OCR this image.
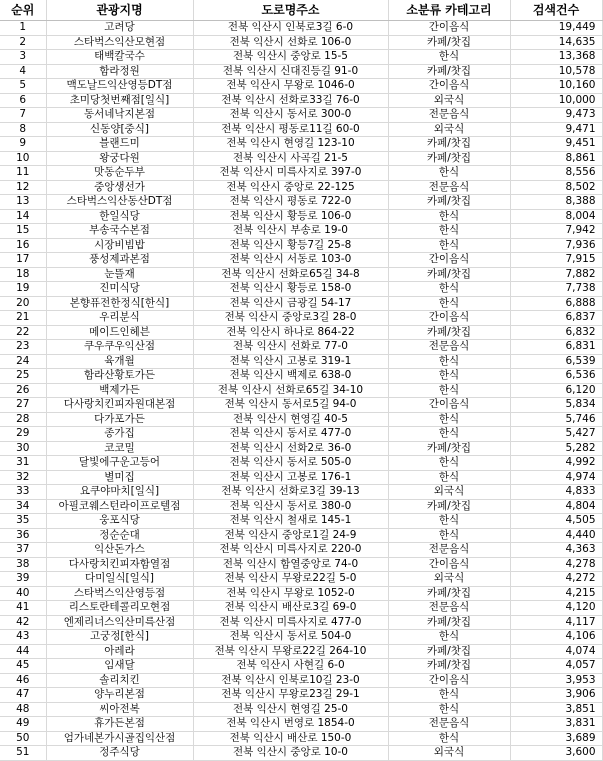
순위	관광지명	도로명주소	소분류 카테고리	검색건수
1	고려당	전북 익산시 인북로3길 6-0	간이음식	19,449
2	스타벅스익산모현점	전북 익산시 선화로 106-0	카페/찻집	14,635
3	태백칼국수	전북 익산시 중앙로 15-5	한식	13,368
4	함라정원	전북 익산시 신대진등길 91-0	카페/찻집	10,578
5	맥도날드익산영등DT점	전북 익산시 무왕로 1046-0	간이음식	10,160
6	초미당첫번째점[일식]	전북 익산시 선화로33길 76-0	외국식	10,000
7	동서네낙지본점	전북 익산시 동서로 300-0	전문음식	9,473
8	신동양[중식]	전북 익산시 평동로11길 60-0	외국식	9,471
9	블랜드미	전북 익산시 현영길 123-10	카페/찻집	9,451
10	왕궁다원	전북 익산시 사곡길 21-5	카페/찻집	8,861
11	맛동순두부	전북 익산시 미륵사지로 397-0	한식	8,556
12	중앙생선가	전북 익산시 중앙로 22-125	전문음식	8,502
13	스타벅스익산동산DT점	전북 익산시 평동로 722-0	카페/찻집	8,388
14	한일식당	전북 익산시 황등로 106-0	한식	8,004
15	부송국수본점	전북 익산시 부송로 19-0	한식	7,942
16	시장비빔밥	전북 익산시 황등7길 25-8	한식	7,936
17	풍성제과본점	전북 익산시 서동로 103-0	간이음식	7,915
18	눈뜰재	전북 익산시 선화로65길 34-8	카페/찻집	7,882
19	진미식당	전북 익산시 황등로 158-0	한식	7,738
20	본향퓨전한정식[한식]	전북 익산시 금광길 54-17	한식	6,888
21	우리분식	전북 익산시 중앙로3길 28-0	간이음식	6,837
22	메이드인헤븐	전북 익산시 하나로 864-22	카페/찻집	6,832
23	쿠우쿠우익산점	전북 익산시 선화로 77-0	전문음식	6,831
24	육개월	전북 익산시 고봉로 319-1	한식	6,539
25	함라산황토가든	전북 익산시 백제로 638-0	한식	6,536
26	백제가든	전북 익산시 선화로65길 34-10	한식	6,120
27	다사랑치킨피자원대본점	전북 익산시 동서로5길 94-0	간이음식	5,834
28	다가포가든	전북 익산시 현영길 40-5	한식	5,746
29	종가집	전북 익산시 동서로 477-0	한식	5,427
30	코코밀	전북 익산시 선화2로 36-0	카페/찻집	5,282
31	달빛에구운고등어	전북 익산시 동서로 505-0	한식	4,992
32	별미집	전북 익산시 고봉로 176-1	한식	4,974
33	요쿠야마치[일식]	전북 익산시 선화로3길 39-13	외국식	4,833
34	아필코웨스턴라이프로텔점	전북 익산시 동서로 380-0	카페/찻집	4,804
35	웅포식당	전북 익산시 철새로 145-1	한식	4,505
36	정순순대	전북 익산시 중앙로1길 24-9	한식	4,440
37	익산돈가스	전북 익산시 미륵사지로 220-0	전문음식	4,363
38	다사랑치킨피자함열점	전북 익산시 함열중앙로 74-0	간이음식	4,278
39	다미일식[일식]	전북 익산시 무왕로22길 5-0	외국식	4,272
40	스타벅스익산영등점	전북 익산시 무왕로 1052-0	카페/찻집	4,215
41	리스토란테콜리모현점	전북 익산시 배산로3길 69-0	전문음식	4,120
42	엔제리너스익산미륵산점	전북 익산시 미륵사지로 477-0	카페/찻집	4,117
43	고궁정[한식]	전북 익산시 동서로 504-0	한식	4,106
44	아레라	전북 익산시 무왕로22길 264-10	카페/찻집	4,074
45	임새달	전북 익산시 사현길 6-0	카페/찻집	4,057
46	솔리치킨	전북 익산시 인북로10길 23-0	간이음식	3,953
47	양누리본점	전북 익산시 무왕로23길 29-1	한식	3,906
48	씨아전복	전북 익산시 현영길 25-0	한식	3,851
49	휴가든본점	전북 익산시 번영로 1854-0	전문음식	3,831
50	엄가네본가시골집익산점	전북 익산시 배산로 150-0	한식	3,689
51	정주식당	전북 익산시 중앙로 10-0	외국식	3,600
